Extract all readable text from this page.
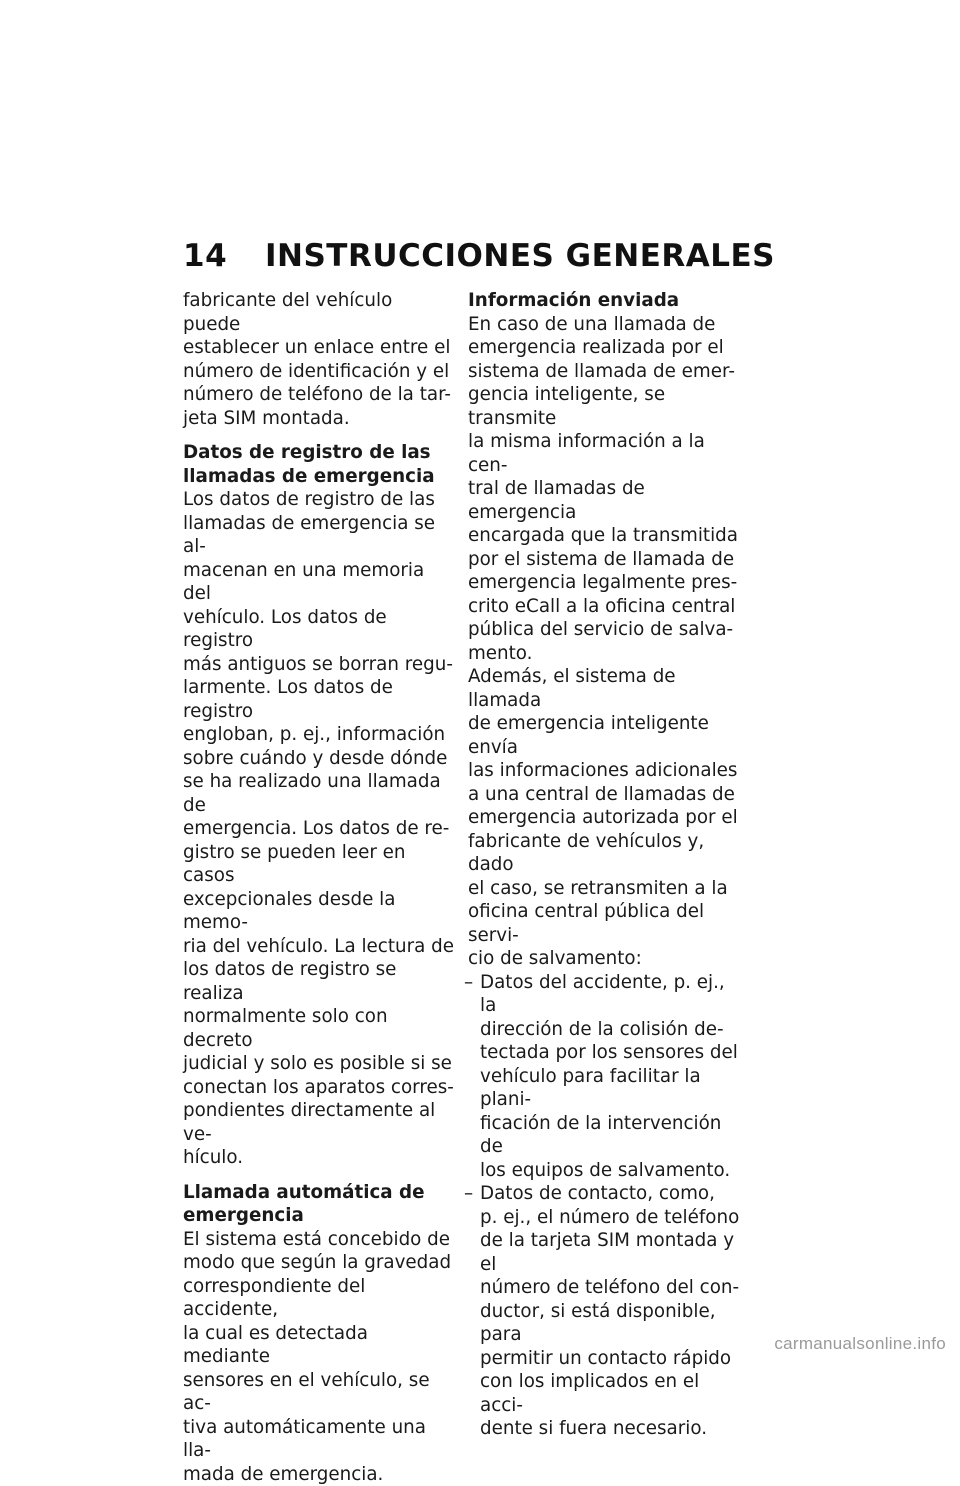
14 INSTRUCCIONES GENERALES

fabricante del vehículo puede
establecer un enlace entre el
número de identificación y el
número de teléfono de la tar-
jeta SIM montada.

Datos de registro de las
llamadas de emergencia

Los datos de registro de las
llamadas de emergencia se al-
macenan en una memoria del
vehículo. Los datos de registro
más antiguos se borran regu-
larmente. Los datos de registro
engloban, p. ej., información
sobre cuándo y desde dónde
se ha realizado una llamada de
emergencia. Los datos de re-
gistro se pueden leer en casos
excepcionales desde la memo-
ria del vehículo. La lectura de
los datos de registro se realiza
normalmente solo con decreto
judicial y solo es posible si se
conectan los aparatos corres-
pondientes directamente al ve-
hículo.

Llamada automática de
emergencia

El sistema está concebido de
modo que según la gravedad
correspondiente del accidente,
la cual es detectada mediante
sensores en el vehículo, se ac-
tiva automáticamente una lla-
mada de emergencia.

Información enviada

En caso de una llamada de
emergencia realizada por el
sistema de llamada de emer-
gencia inteligente, se transmite
la misma información a la cen-
tral de llamadas de emergencia
encargada que la transmitida
por el sistema de llamada de
emergencia legalmente pres-
crito eCall a la oficina central
pública del servicio de salva-
mento.

Además, el sistema de llamada
de emergencia inteligente envía
las informaciones adicionales
a una central de llamadas de
emergencia autorizada por el
fabricante de vehículos y, dado
el caso, se retransmiten a la
oficina central pública del servi-
cio de salvamento:

– Datos del accidente, p. ej., la
dirección de la colisión de-
tectada por los sensores del
vehículo para facilitar la plani-
ficación de la intervención de
los equipos de salvamento.
– Datos de contacto, como,
p. ej., el número de teléfono
de la tarjeta SIM montada y el
número de teléfono del con-
ductor, si está disponible, para
permitir un contacto rápido
con los implicados en el acci-
dente si fuera necesario.
carmanualsonline.info
